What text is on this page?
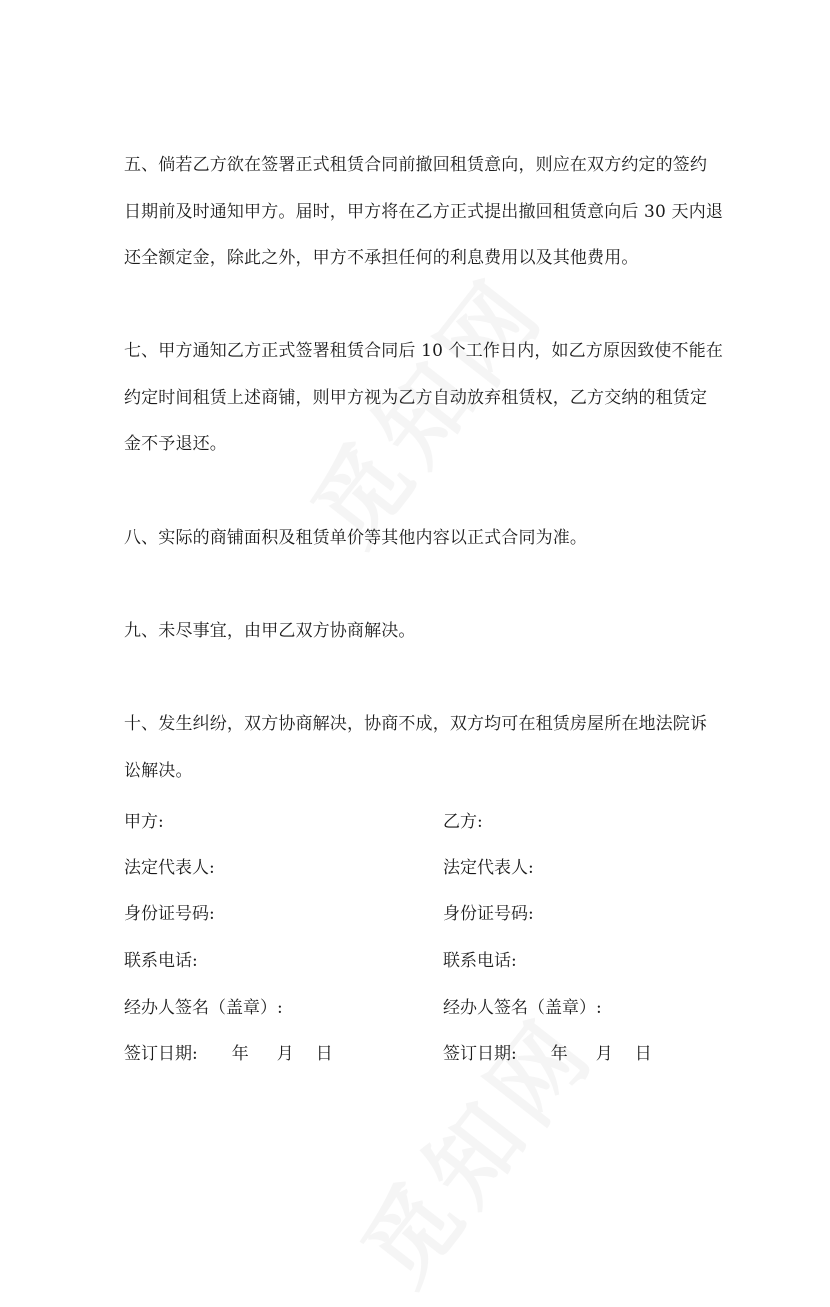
五、倘若乙方欲在签署正式租赁合同前撤回租赁意向，则应在双方约定的签约
日期前及时通知甲方。届时，甲方将在乙方正式提出撤回租赁意向后 30 天内退
还全额定金，除此之外，甲方不承担任何的利息费用以及其他费用。

七、甲方通知乙方正式签署租赁合同后 10 个工作日内，如乙方原因致使不能在
约定时间租赁上述商铺，则甲方视为乙方自动放弃租赁权，乙方交纳的租赁定
金不予退还。

八、实际的商铺面积及租赁单价等其他内容以正式合同为准。

九、未尽事宜，由甲乙双方协商解决。

十、发生纠纷，双方协商解决，协商不成，双方均可在租赁房屋所在地法院诉
讼解决。

甲方:

法定代表人:

身份证号码:

联系电话:

经办人签名（盖章）:

签订日期: 年 月 日

乙方:

法定代表人:

身份证号码:

联系电话:

经办人签名（盖章）:

签订日期: 年 月 日
